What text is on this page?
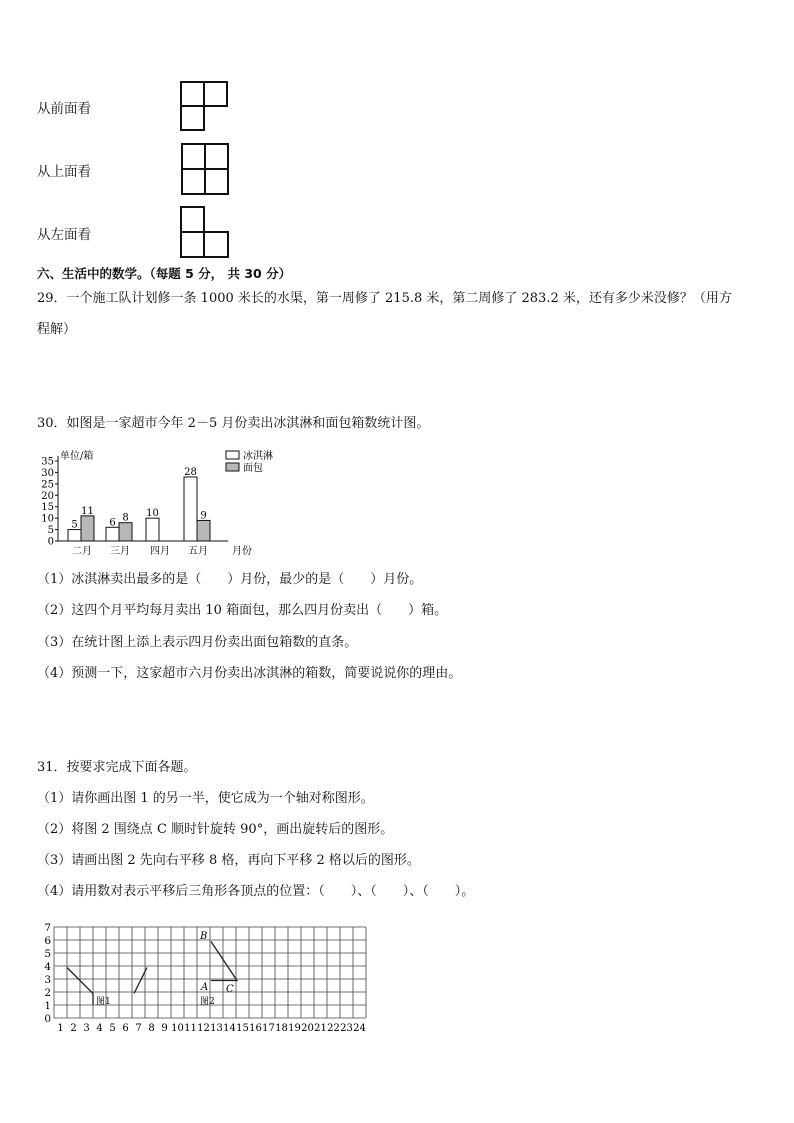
从前面看
从上面看
从左面看
六、生活中的数学。（每题 5 分， 共 30 分）
29．一个施工队计划修一条 1000 米长的水渠，第一周修了 215.8 米，第二周修了 283.2 米，还有多少米没修？（用方
程解）
30．如图是一家超市今年 2－5 月份卖出冰淇淋和面包箱数统计图。
单位/箱
月份
0
5
10
15
20
25
30
35
二月
5
11
三月
6 8
四月
10
五月
28
9
冰淇淋
面包
（1）冰淇淋卖出最多的是（　　）月份，最少的是（　　）月份。
（2）这四个月平均每月卖出 10 箱面包，那么四月份卖出（　　）箱。
（3）在统计图上添上表示四月份卖出面包箱数的直条。
（4）预测一下，这家超市六月份卖出冰淇淋的箱数，简要说说你的理由。
31．按要求完成下面各题。
（1）请你画出图 1 的另一半，使它成为一个轴对称图形。
（2）将图 2 围绕点 C 顺时针旋转 90°，画出旋转后的图形。
（3）请画出图 2 先向右平移 8 格，再向下平移 2 格以后的图形。
（4）请用数对表示平移后三角形各顶点的位置：（　　）、（　　）、（　　）。
0
1
2
3
4
5
6
7
1 2 3 4 5 6 7 8 9 10 11 12 13 14 15 16 17 18 19 20 21 22 23 24
B
A C
图1	图2
